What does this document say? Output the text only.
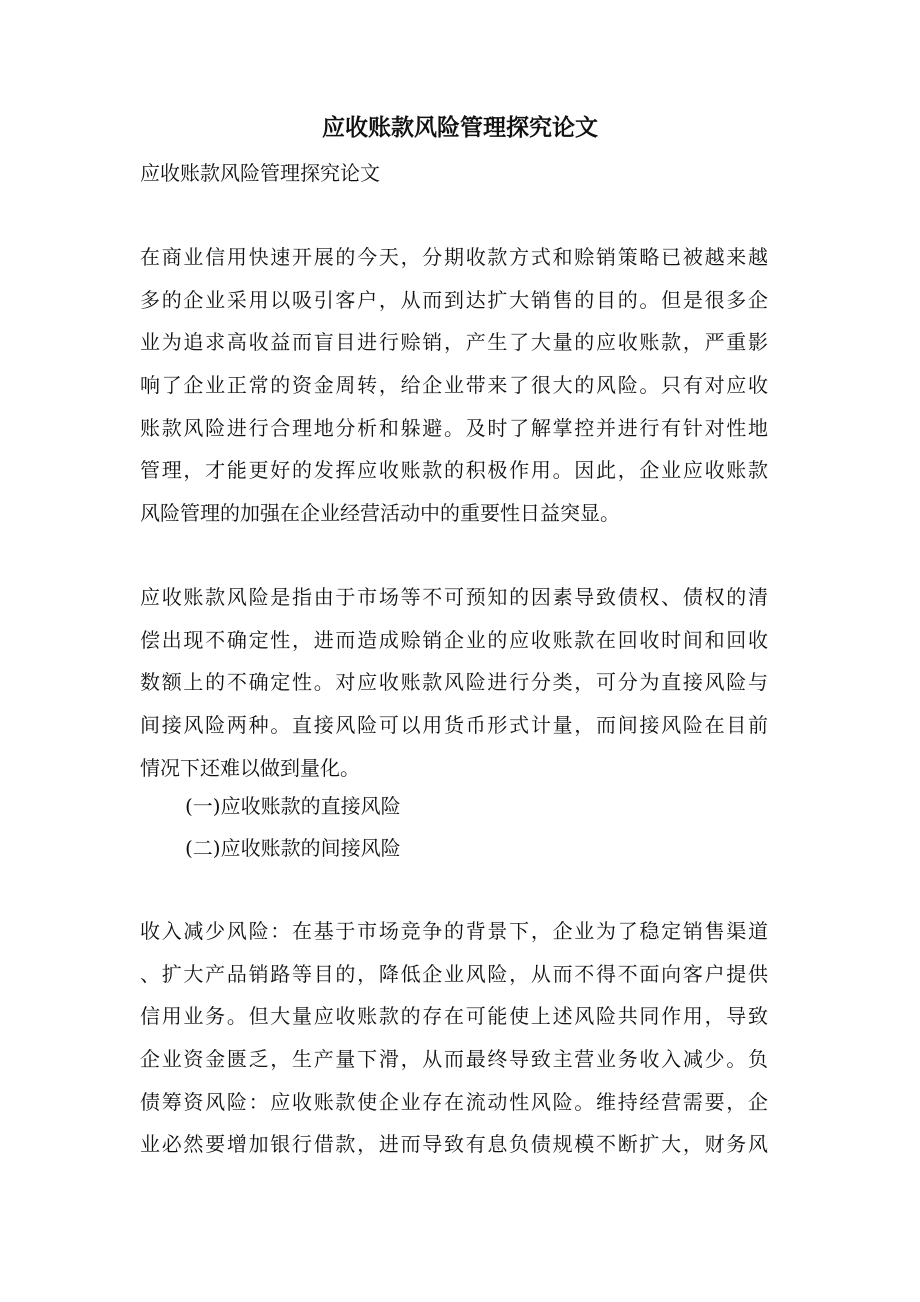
应收账款风险管理探究论文
应收账款风险管理探究论文
在商业信用快速开展的今天，分期收款方式和赊销策略已被越来越
多的企业采用以吸引客户，从而到达扩大销售的目的。但是很多企
业为追求高收益而盲目进行赊销，产生了大量的应收账款，严重影
响了企业正常的资金周转，给企业带来了很大的风险。只有对应收
账款风险进行合理地分析和躲避。及时了解掌控并进行有针对性地
管理，才能更好的发挥应收账款的积极作用。因此，企业应收账款
风险管理的加强在企业经营活动中的重要性日益突显。
应收账款风险是指由于市场等不可预知的因素导致债权、债权的清
偿出现不确定性，进而造成赊销企业的应收账款在回收时间和回收
数额上的不确定性。对应收账款风险进行分类，可分为直接风险与
间接风险两种。直接风险可以用货币形式计量，而间接风险在目前
情况下还难以做到量化。
(一)应收账款的直接风险
(二)应收账款的间接风险
收入减少风险：在基于市场竞争的背景下，企业为了稳定销售渠道
、扩大产品销路等目的，降低企业风险，从而不得不面向客户提供
信用业务。但大量应收账款的存在可能使上述风险共同作用，导致
企业资金匮乏，生产量下滑，从而最终导致主营业务收入减少。负
债筹资风险：应收账款使企业存在流动性风险。维持经营需要，企
业必然要增加银行借款，进而导致有息负债规模不断扩大，财务风
